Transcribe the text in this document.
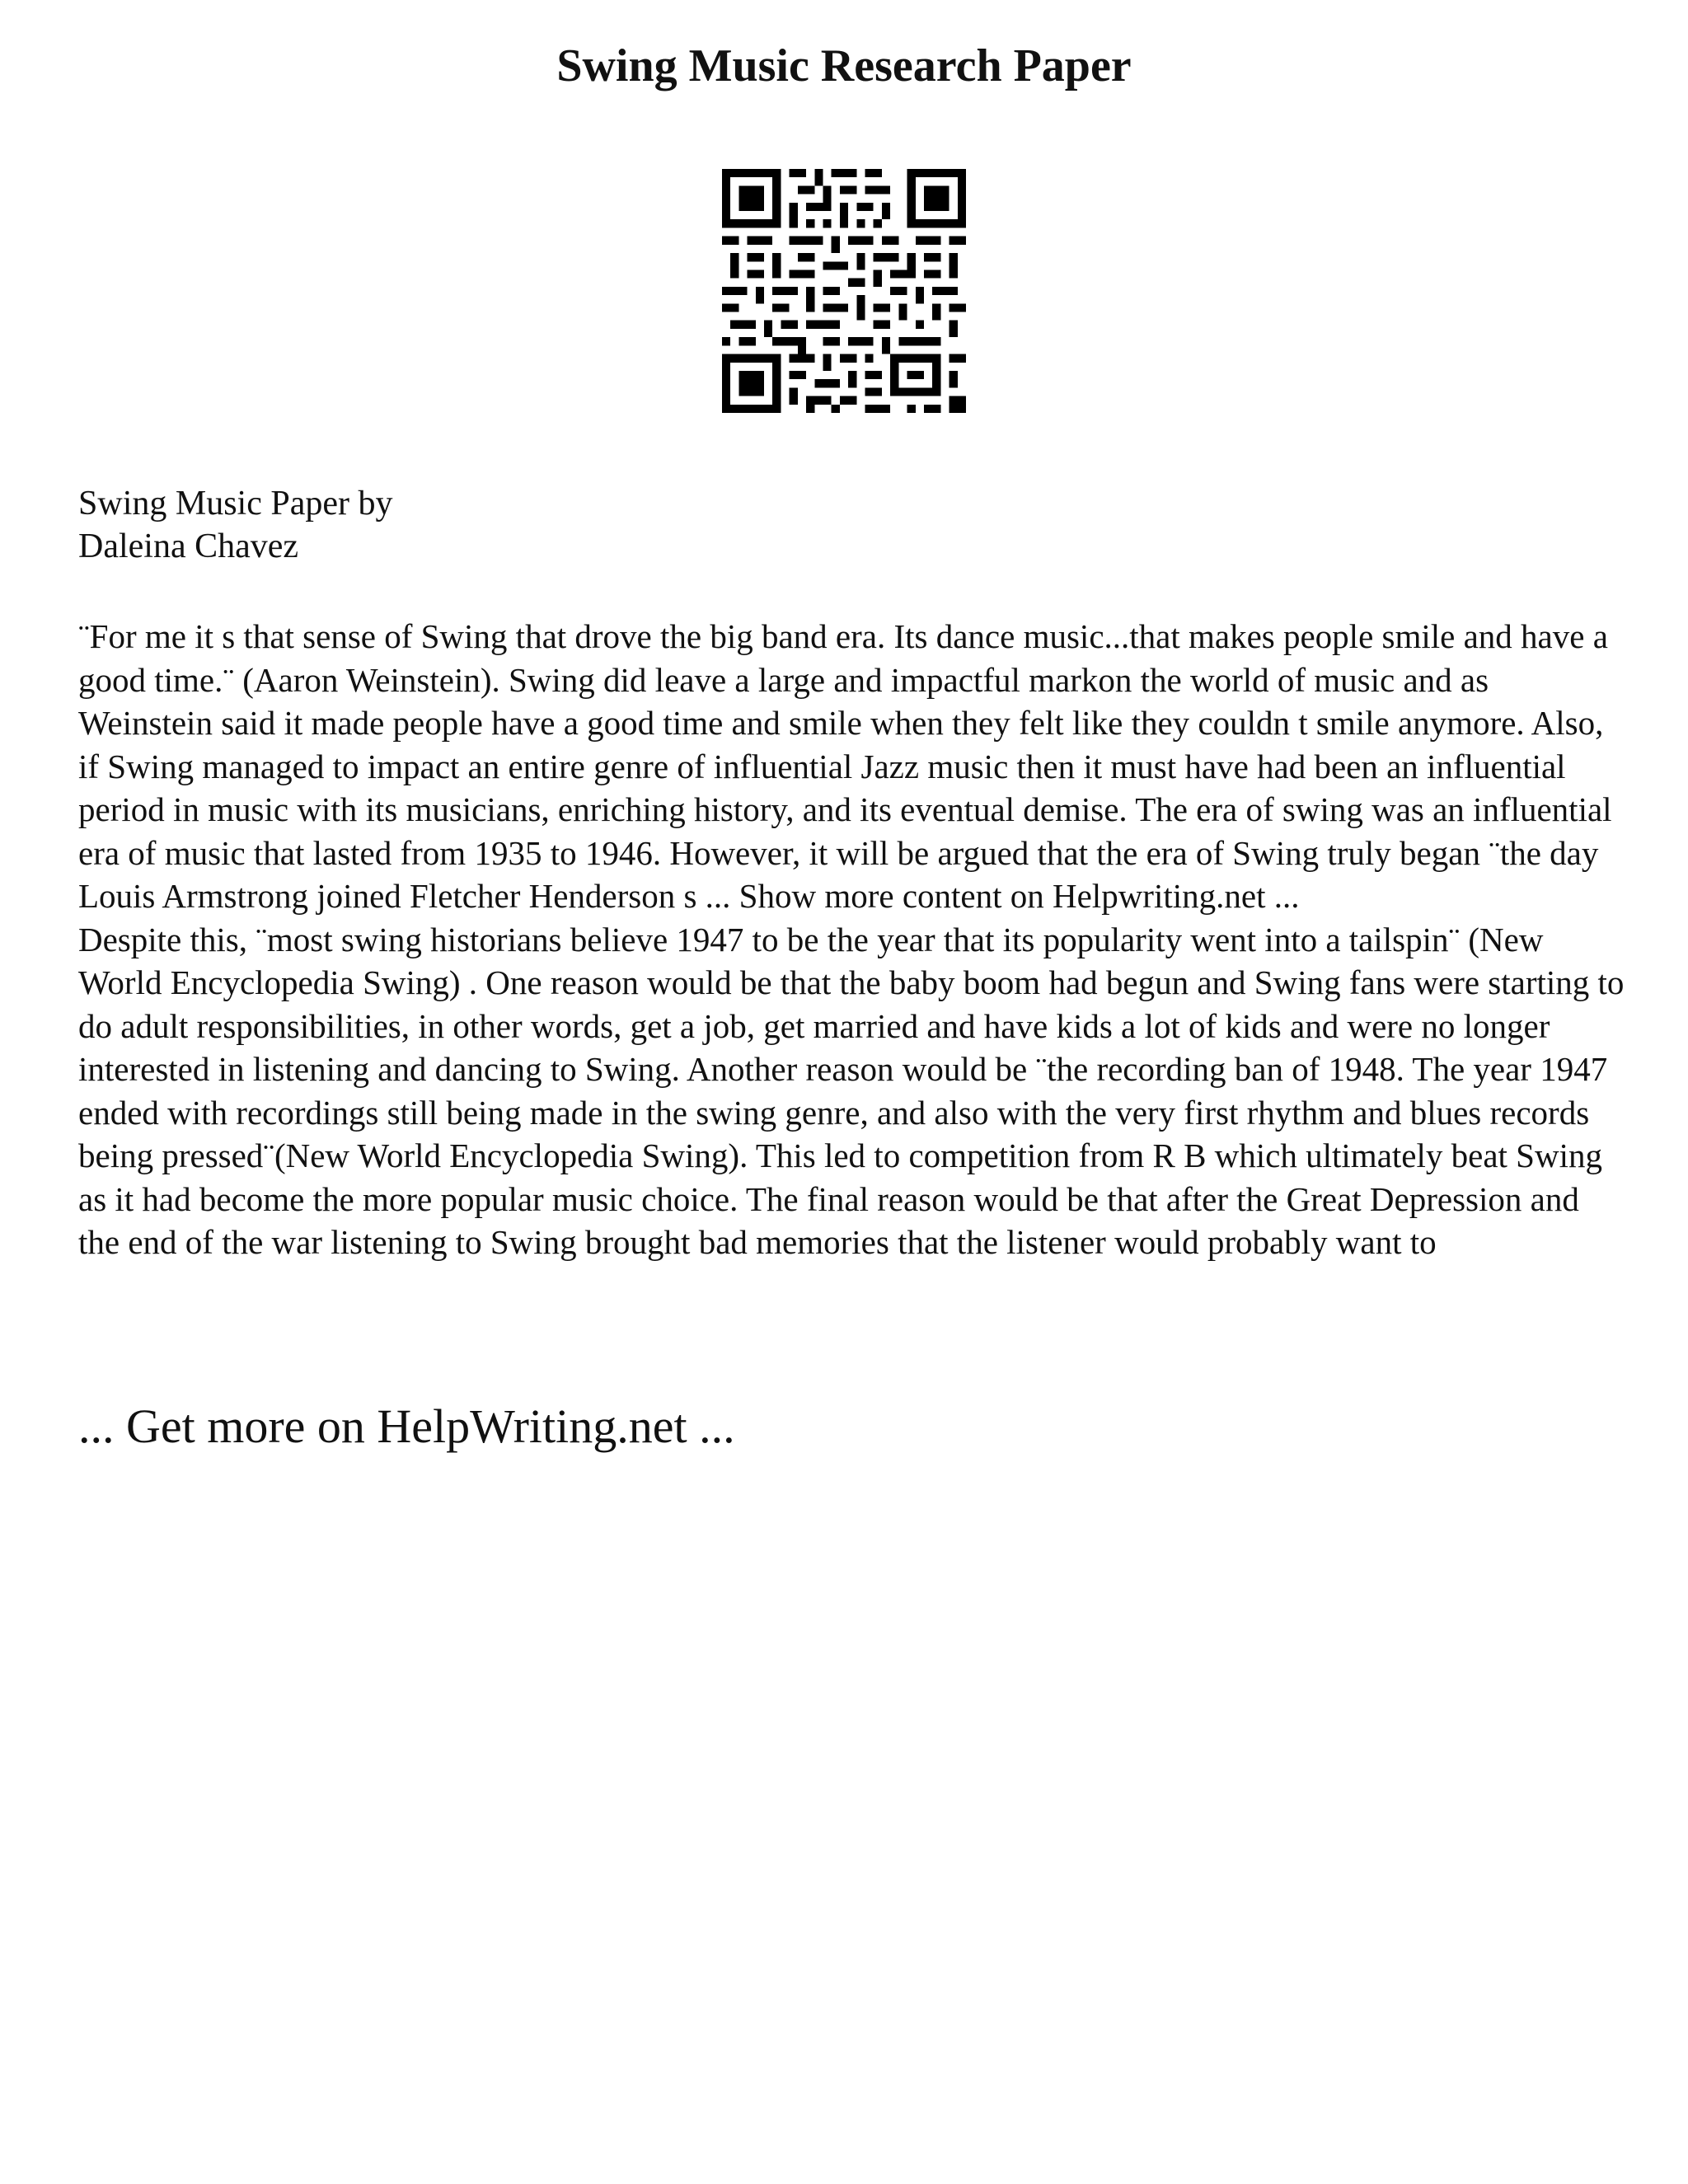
Swing Music Research Paper
Swing Music Paper by
Daleina Chavez

¨For me it s that sense of Swing that drove the big band era. Its dance music...that makes people smile and have a good time.¨ (Aaron Weinstein). Swing did leave a large and impactful markon the world of music and as Weinstein said it made people have a good time and smile when they felt like they couldn t smile anymore. Also, if Swing managed to impact an entire genre of influential Jazz music then it must have had been an influential period in music with its musicians, enriching history, and its eventual demise. The era of swing was an influential era of music that lasted from 1935 to 1946. However, it will be argued that the era of Swing truly began ¨the day Louis Armstrong joined Fletcher Henderson s ... Show more content on Helpwriting.net ...

Despite this, ¨most swing historians believe 1947 to be the year that its popularity went into a tailspin¨ (New World Encyclopedia Swing) . One reason would be that the baby boom had begun and Swing fans were starting to do adult responsibilities, in other words, get a job, get married and have kids a lot of kids and were no longer interested in listening and dancing to Swing. Another reason would be ¨the recording ban of 1948. The year 1947 ended with recordings still being made in the swing genre, and also with the very first rhythm and blues records being pressed¨(New World Encyclopedia Swing). This led to competition from R B which ultimately beat Swing as it had become the more popular music choice. The final reason would be that after the Great Depression and the end of the war listening to Swing brought bad memories that the listener would probably want to

... Get more on HelpWriting.net ...
